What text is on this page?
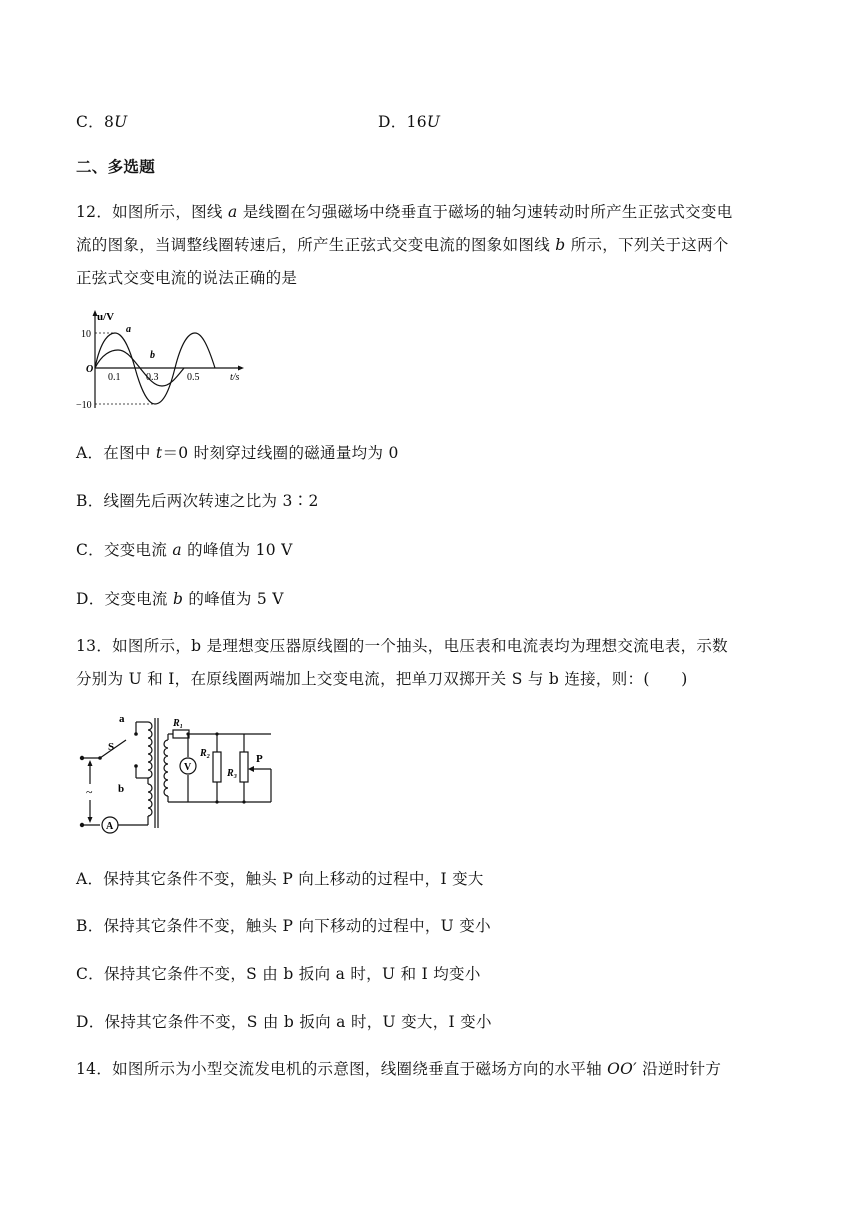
C．8U	D．16U
二、多选题
12．如图所示，图线 a 是线圈在匀强磁场中绕垂直于磁场的轴匀速转动时所产生正弦式交变电
流的图象，当调整线圈转速后，所产生正弦式交变电流的图象如图线 b 所示，下列关于这两个
正弦式交变电流的说法正确的是
u/V
t/s
O
10
−10
0.1	0.3	0.5
a
b
A．在图中 t＝0 时刻穿过线圈的磁通量均为 0
B．线圈先后两次转速之比为 3∶2
C．交变电流 a 的峰值为 10 V
D．交变电流 b 的峰值为 5 V
13．如图所示，b 是理想变压器原线圈的一个抽头，电压表和电流表均为理想交流电表，示数
分别为 U 和 I，在原线圈两端加上交变电流，把单刀双掷开关 S 与 b 连接，则：(　　)
a
b
S
~
R₁
R₂
R₃
P
V
A
A．保持其它条件不变，触头 P 向上移动的过程中，I 变大
B．保持其它条件不变，触头 P 向下移动的过程中，U 变小
C．保持其它条件不变，S 由 b 扳向 a 时，U 和 I 均变小
D．保持其它条件不变，S 由 b 扳向 a 时，U 变大，I 变小
14．如图所示为小型交流发电机的示意图，线圈绕垂直于磁场方向的水平轴 OO′ 沿逆时针方
